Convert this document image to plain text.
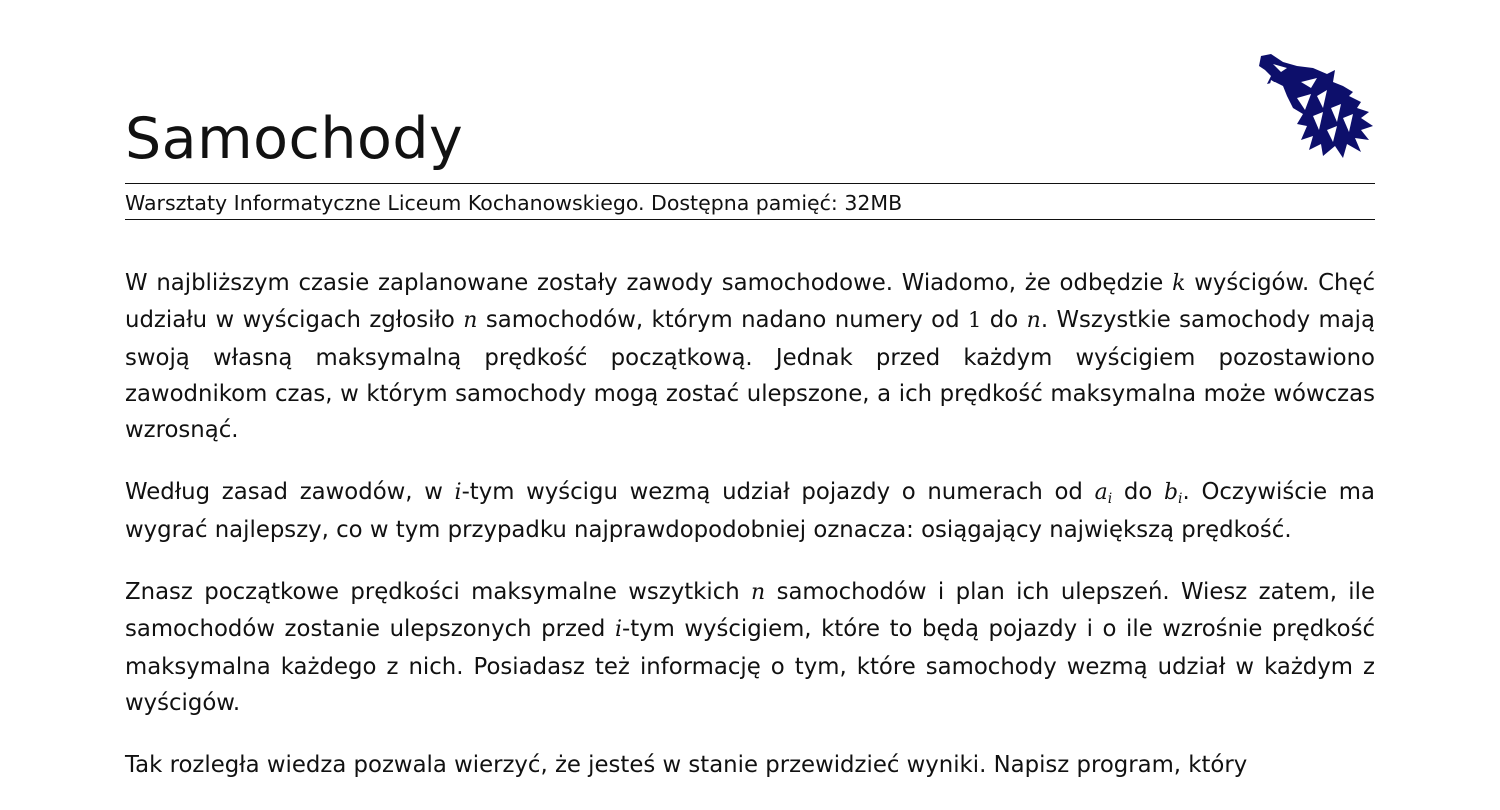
Samochody
Warsztaty Informatyczne Liceum Kochanowskiego. Dostępna pamięć: 32MB

W najbliższym czasie zaplanowane zostały zawody samochodowe. Wiadomo, że odbędzie k wyścigów. Chęć udziału w wyścigach zgłosiło n samochodów, którym nadano numery od 1 do n. Wszystkie samochody mają swoją własną maksymalną prędkość początkową. Jednak przed każdym wyścigiem pozostawiono zawodnikom czas, w którym samochody mogą zostać ulepszone, a ich prędkość maksymalna może wówczas wzrosnąć.

Według zasad zawodów, w i-tym wyścigu wezmą udział pojazdy o numerach od $a_i$ do $b_i$. Oczywiście ma wygrać najlepszy, co w tym przypadku najprawdopodobniej oznacza: osiągający największą prędkość.

Znasz początkowe prędkości maksymalne wszytkich n samochodów i plan ich ulepszeń. Wiesz zatem, ile samochodów zostanie ulepszonych przed i-tym wyścigiem, które to będą pojazdy i o ile wzrośnie prędkość maksymalna każdego z nich. Posiadasz też informację o tym, które samochody wezmą udział w każdym z wyścigów.

Tak rozległa wiedza pozwala wierzyć, że jesteś w stanie przewidzieć wyniki. Napisz program, który
